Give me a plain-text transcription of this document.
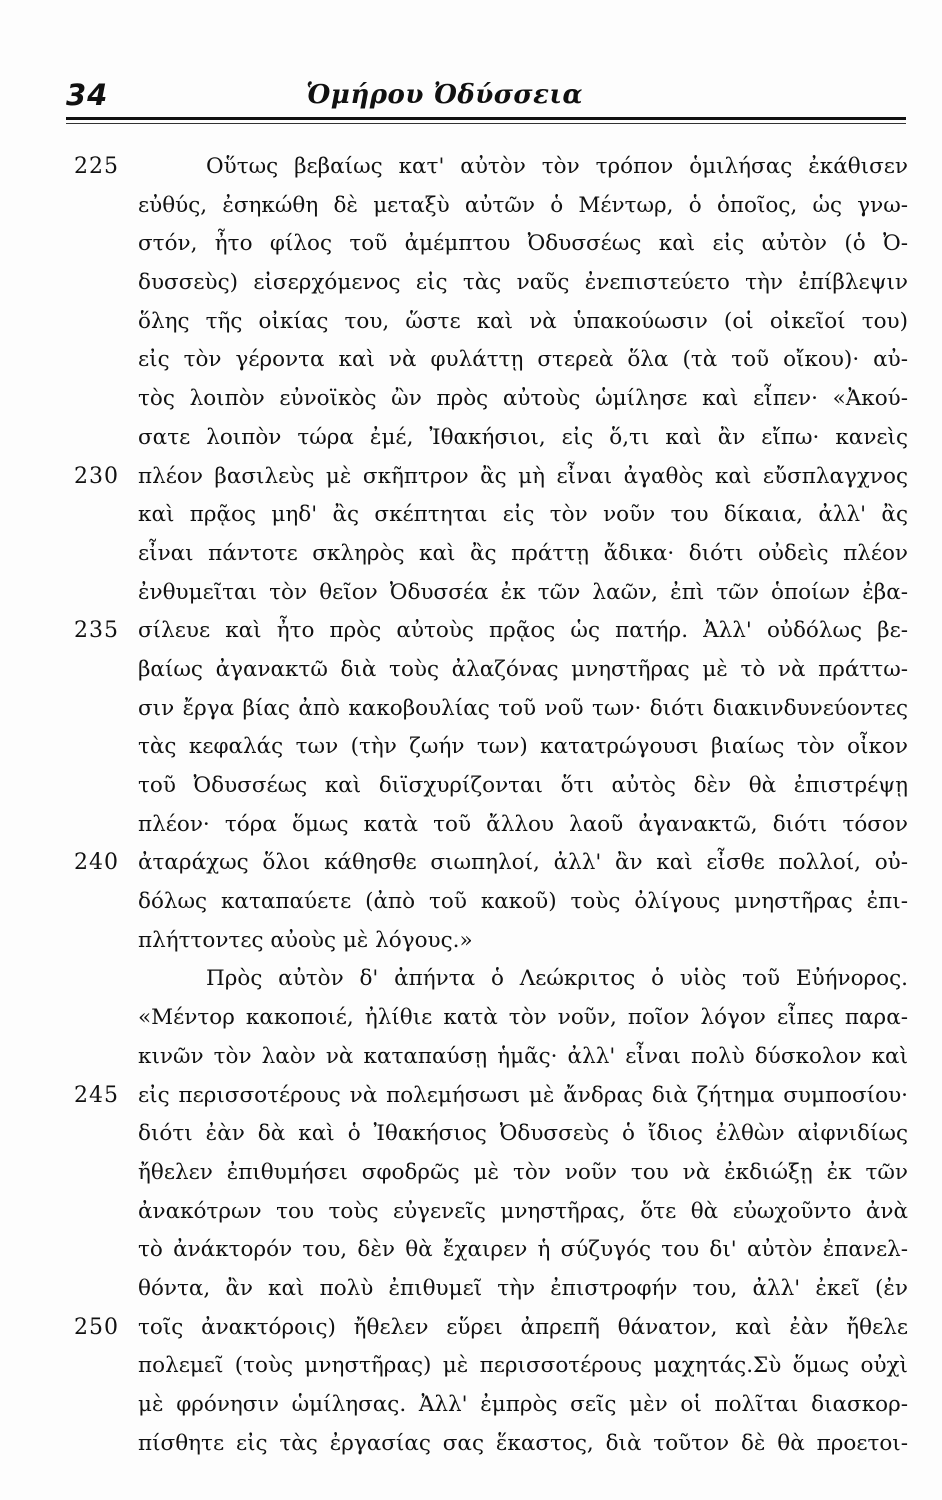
34	Ὁμήρου Ὀδύσσεια
225	Οὕτως βεβαίως κατ' αὐτὸν τὸν τρόπον ὁμιλήσας ἐκάθισεν
εὐθύς, ἐσηκώθη δὲ μεταξὺ αὐτῶν ὁ Μέντωρ, ὁ ὁποῖος, ὡς γνω-
στόν, ἦτο φίλος τοῦ ἀμέμπτου Ὀδυσσέως καὶ εἰς αὐτὸν (ὁ Ὀ-
δυσσεὺς) εἰσερχόμενος εἰς τὰς ναῦς ἐνεπιστεύετο τὴν ἐπίβλεψιν
ὅλης τῆς οἰκίας του, ὥστε καὶ νὰ ὑπακούωσιν (οἱ οἰκεῖοί του)
εἰς τὸν γέροντα καὶ νὰ φυλάττῃ στερεὰ ὅλα (τὰ τοῦ οἴκου)· αὐ-
τὸς λοιπὸν εὐνοϊκὸς ὢν πρὸς αὐτοὺς ὡμίλησε καὶ εἶπεν· «Ἀκού-
σατε λοιπὸν τώρα ἐμέ, Ἰθακήσιοι, εἰς ὅ,τι καὶ ἂν εἴπω· κανεὶς
230 πλέον βασιλεὺς μὲ σκῆπτρον ἂς μὴ εἶναι ἀγαθὸς καὶ εὔσπλαγχνος
καὶ πρᾷος μηδ' ἂς σκέπτηται εἰς τὸν νοῦν του δίκαια, ἀλλ' ἂς
εἶναι πάντοτε σκληρὸς καὶ ἂς πράττῃ ἄδικα· διότι οὐδεὶς πλέον
ἐνθυμεῖται τὸν θεῖον Ὀδυσσέα ἐκ τῶν λαῶν, ἐπὶ τῶν ὁποίων ἐβα-
235 σίλευε καὶ ἦτο πρὸς αὐτοὺς πρᾷος ὡς πατήρ. Ἀλλ' οὐδόλως βε-
βαίως ἀγανακτῶ διὰ τοὺς ἀλαζόνας μνηστῆρας μὲ τὸ νὰ πράττω-
σιν ἔργα βίας ἀπὸ κακοβουλίας τοῦ νοῦ των· διότι διακινδυνεύοντες
τὰς κεφαλάς των (τὴν ζωήν των) κατατρώγουσι βιαίως τὸν οἶκον
τοῦ Ὀδυσσέως καὶ διϊσχυρίζονται ὅτι αὐτὸς δὲν θὰ ἐπιστρέψῃ
πλέον· τόρα ὅμως κατὰ τοῦ ἄλλου λαοῦ ἀγανακτῶ, διότι τόσον
240 ἀταράχως ὅλοι κάθησθε σιωπηλοί, ἀλλ' ἂν καὶ εἶσθε πολλοί, οὐ-
δόλως καταπαύετε (ἀπὸ τοῦ κακοῦ) τοὺς ὀλίγους μνηστῆρας ἐπι-
πλήττοντες αὐοὺς μὲ λόγους.»
Πρὸς αὐτὸν δ' ἀπήντα ὁ Λεώκριτος ὁ υἱὸς τοῦ Εὐήνορος.
«Μέντορ κακοποιέ, ἠλίθιε κατὰ τὸν νοῦν, ποῖον λόγον εἶπες παρα-
κινῶν τὸν λαὸν νὰ καταπαύσῃ ἡμᾶς· ἀλλ' εἶναι πολὺ δύσκολον καὶ
245 εἰς περισσοτέρους νὰ πολεμήσωσι μὲ ἄνδρας διὰ ζήτημα συμποσίου·
διότι ἐὰν δὰ καὶ ὁ Ἰθακήσιος Ὀδυσσεὺς ὁ ἴδιος ἐλθὼν αἰφνιδίως
ἤθελεν ἐπιθυμήσει σφοδρῶς μὲ τὸν νοῦν του νὰ ἐκδιώξῃ ἐκ τῶν
ἀνακότρων του τοὺς εὐγενεῖς μνηστῆρας, ὅτε θὰ εὐωχοῦντο ἀνὰ
τὸ ἀνάκτορόν του, δὲν θὰ ἔχαιρεν ἡ σύζυγός του δι' αὐτὸν ἐπανελ-
θόντα, ἂν καὶ πολὺ ἐπιθυμεῖ τὴν ἐπιστροφήν του, ἀλλ' ἐκεῖ (ἐν
250 τοῖς ἀνακτόροις) ἤθελεν εὕρει ἀπρεπῆ θάνατον, καὶ ἐὰν ἤθελε
πολεμεῖ (τοὺς μνηστῆρας) μὲ περισσοτέρους μαχητάς.Σὺ ὅμως οὐχὶ
μὲ φρόνησιν ὡμίλησας. Ἀλλ' ἐμπρὸς σεῖς μὲν οἱ πολῖται διασκορ-
πίσθητε εἰς τὰς ἐργασίας σας ἕκαστος, διὰ τοῦτον δὲ θὰ προετοι-
